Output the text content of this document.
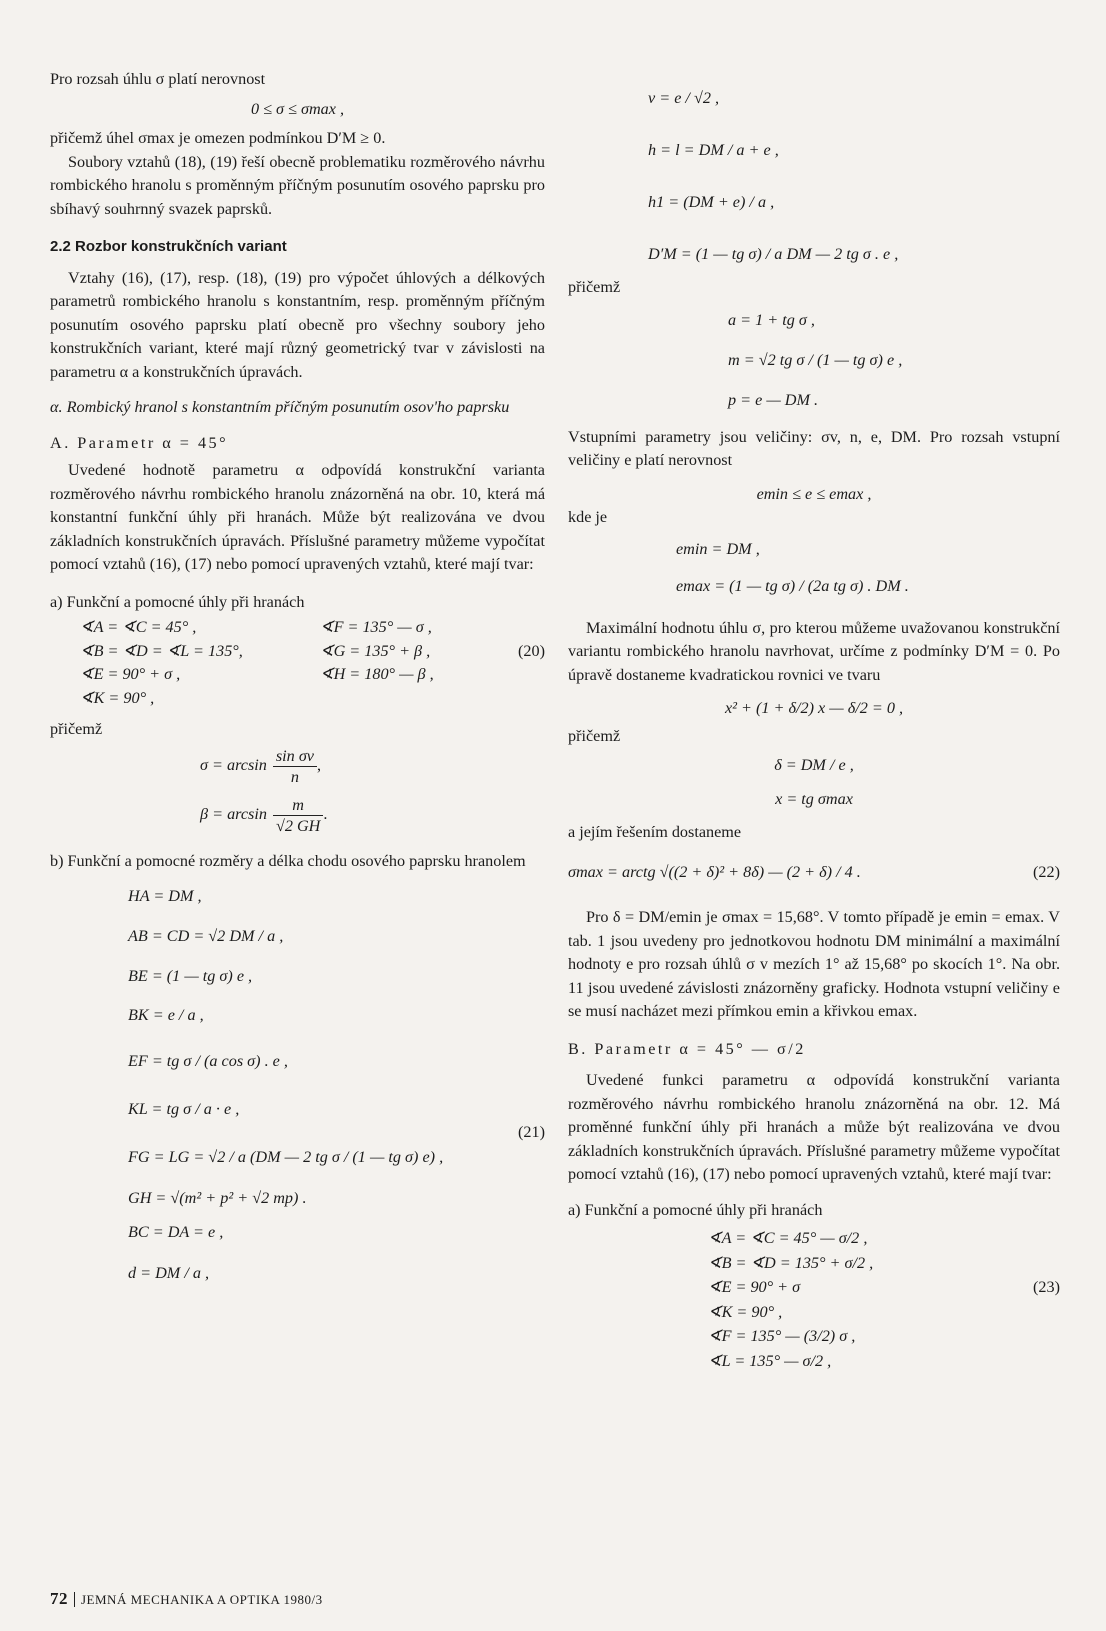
Pro rozsah úhlu σ platí nerovnost

0 ≤ σ ≤ σmax ,

přičemž úhel σmax je omezen podmínkou D′M ≥ 0.

Soubory vztahů (18), (19) řeší obecně problematiku rozměrového návrhu rombického hranolu s proměnným příčným posunutím osového paprsku pro sbíhavý souhrnný svazek paprsků.

2.2 Rozbor konstrukčních variant

Vztahy (16), (17), resp. (18), (19) pro výpočet úhlových a délkových parametrů rombického hranolu s konstantním, resp. proměnným příčným posunutím osového paprsku platí obecně pro všechny soubory jeho konstrukčních variant, které mají různý geometrický tvar v závislosti na parametru α a konstrukčních úpravách.

α. Rombický hranol s konstantním příčným posunutím osov'ho paprsku

A. Parametr α = 45°

Uvedené hodnotě parametru α odpovídá konstrukční varianta rozměrového návrhu rombického hranolu znázorněná na obr. 10, která má konstantní funkční úhly při hranách. Může být realizována ve dvou základních konstrukčních úpravách. Příslušné parametry můžeme vypočítat pomocí vztahů (16), (17) nebo pomocí upravených vztahů, které mají tvar:

a) Funkční a pomocné úhly při hranách

∢A = ∢C = 45° ,	∢F = 135° — σ ,
∢B = ∢D = ∢L = 135°,	∢G = 135° + β ,	(20)
∢E = 90° + σ ,	∢H = 180° — β ,
∢K = 90° ,

přičemž

$\sigma = \arcsin \frac{\text{sin σv}}{n}$ ,
$\beta = \arcsin \frac{m}{√2 GH}$ .

b) Funkční a pomocné rozměry a délka chodu osového paprsku hranolem

HA = DM ,
AB = CD = √2 DM / a ,
BE = (1 — tg σ) e ,
BK = e / a ,
EF = tg σ / (a cos σ) . e ,
KL = tg σ / a · e ,
FG = LG = √2 / a (DM — 2 tg σ / (1 — tg σ) e) ,
GH = √(m² + p² + √2 mp) .
BC = DA = e ,
d = DM / a ,
(21)
v = e / √2 ,
h = l = DM / a + e ,
h1 = (DM + e) / a ,
D′M = (1 — tg σ) / a DM — 2 tg σ . e ,

přičemž

a = 1 + tg σ ,
m = √2 tg σ / (1 — tg σ) e ,
p = e — DM .

Vstupními parametry jsou veličiny: σv, n, e, DM. Pro rozsah vstupní veličiny e platí nerovnost

emin ≤ e ≤ emax ,

kde je

emin = DM ,

emax = (1 — tg σ) / (2a tg σ) . DM .

Maximální hodnotu úhlu σ, pro kterou můžeme uvažovanou konstrukční variantu rombického hranolu navrhovat, určíme z podmínky D′M = 0. Po úpravě dostaneme kvadratickou rovnici ve tvaru

x² + (1 + δ/2) x — δ/2 = 0 ,

přičemž

δ = DM / e ,

x = tg σmax

a jejím řešením dostaneme

σmax = arctg √((2 + δ)² + 8δ) — (2 + δ) / 4 .	(22)

Pro δ = DM/emin je σmax = 15,68°. V tomto případě je emin = emax. V tab. 1 jsou uvedeny pro jednotkovou hodnotu DM minimální a maximální hodnoty e pro rozsah úhlů σ v mezích 1° až 15,68° po skocích 1°. Na obr. 11 jsou uvedené závislosti znázorněny graficky. Hodnota vstupní veličiny e se musí nacházet mezi přímkou emin a křivkou emax.

B. Parametr α = 45° — σ/2

Uvedené funkci parametru α odpovídá konstrukční varianta rozměrového návrhu rombického hranolu znázorněná na obr. 12. Má proměnné funkční úhly při hranách a může být realizována ve dvou základních konstrukčních úpravách. Příslušné parametry můžeme vypočítat pomocí vztahů (16), (17) nebo pomocí upravených vztahů, které mají tvar:

a) Funkční a pomocné úhly při hranách

∢A = ∢C = 45° — σ/2 ,
∢B = ∢D = 135° + σ/2 ,
∢E = 90° + σ
∢K = 90° ,
∢F = 135° — (3/2) σ ,
∢L = 135° — σ/2 ,
(23)
72 JEMNÁ MECHANIKA A OPTIKA 1980/3
